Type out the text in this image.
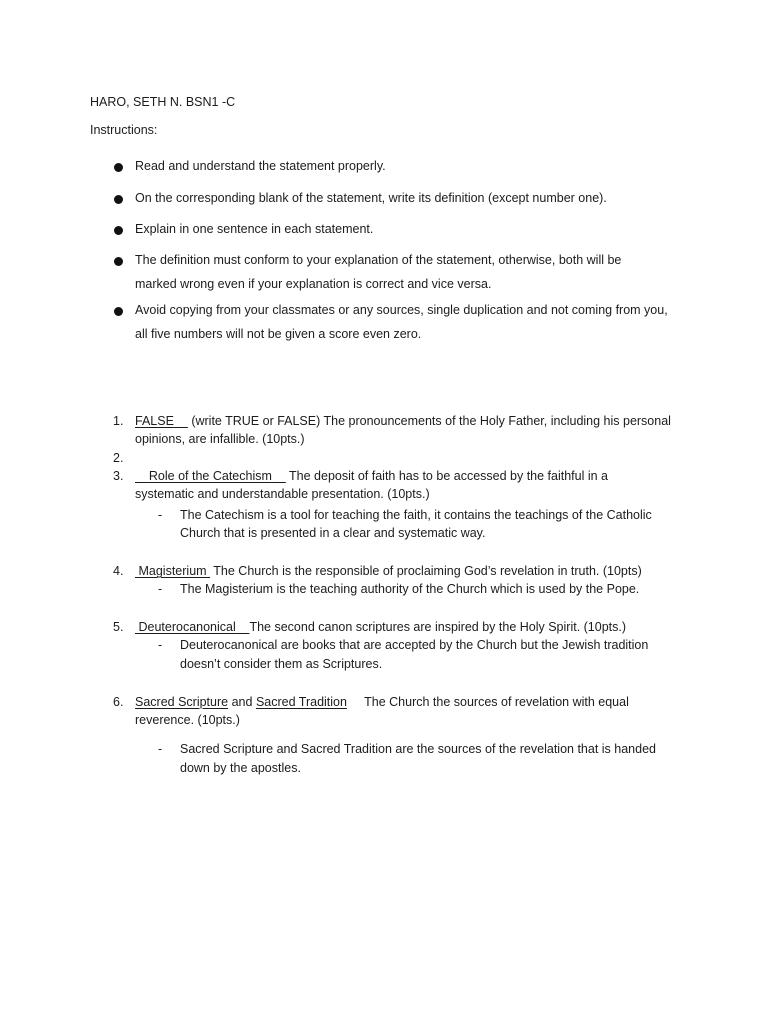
HARO, SETH N. BSN1 -C
Instructions:
Read and understand the statement properly.
On the corresponding blank of the statement, write its definition (except number one).
Explain in one sentence in each statement.
The definition must conform to your explanation of the statement, otherwise, both will be
marked wrong even if your explanation is correct and vice versa.
Avoid copying from your classmates or any sources, single duplication and not coming from you,
all five numbers will not be given a score even zero.
1. FALSE (write TRUE or FALSE) The pronouncements of the Holy Father, including his personal
opinions, are infallible. (10pts.)
2.
3.	Role of the Catechism The deposit of faith has to be accessed by the faithful in a
systematic and understandable presentation. (10pts.)
- The Catechism is a tool for teaching the faith, it contains the teachings of the Catholic
Church that is presented in a clear and systematic way.
4. Magisterium The Church is the responsible of proclaiming God’s revelation in truth. (10pts)
- The Magisterium is the teaching authority of the Church which is used by the Pope.
5. Deuterocanonical The second canon scriptures are inspired by the Holy Spirit. (10pts.)
- Deuterocanonical are books that are accepted by the Church but the Jewish tradition
doesn’t consider them as Scriptures.
6. Sacred Scripture and Sacred Tradition The Church the sources of revelation with equal
reverence. (10pts.)
- Sacred Scripture and Sacred Tradition are the sources of the revelation that is handed
down by the apostles.
